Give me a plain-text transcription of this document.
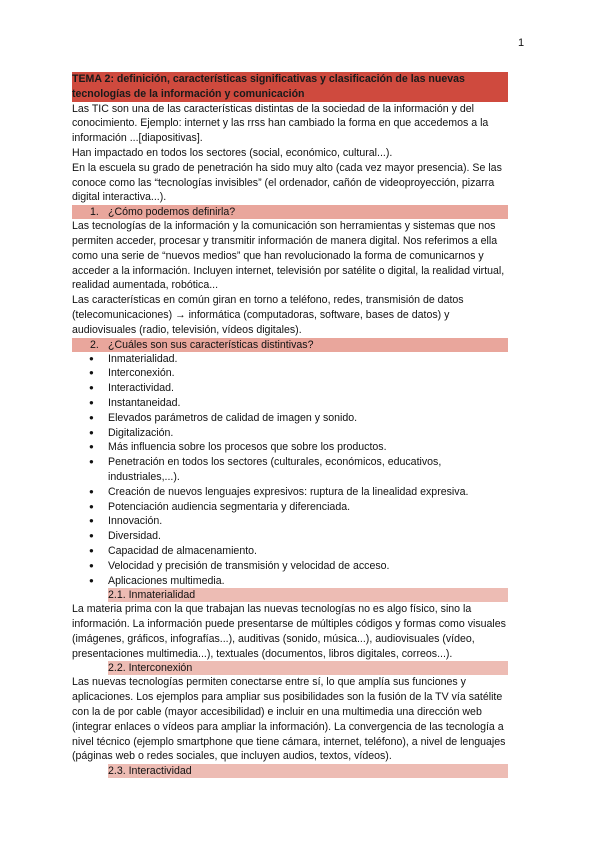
1

TEMA 2: definición, características significativas y clasificación de las nuevas tecnologías de la información y comunicación

Las TIC son una de las características distintas de la sociedad de la información y del conocimiento. Ejemplo: internet y las rrss han cambiado la forma en que accedemos a la información ...[diapositivas].

Han impactado en todos los sectores (social, económico, cultural...).

En la escuela su grado de penetración ha sido muy alto (cada vez mayor presencia). Se las conoce como las “tecnologías invisibles” (el ordenador, cañón de videoproyección, pizarra digital interactiva...).

1. ¿Cómo podemos definirla?

Las tecnologías de la información y la comunicación son herramientas y sistemas que nos permiten acceder, procesar y transmitir información de manera digital. Nos referimos a ella como una serie de “nuevos medios” que han revolucionado la forma de comunicarnos y acceder a la información. Incluyen internet, televisión por satélite o digital, la realidad virtual, realidad aumentada, robótica...

Las características en común giran en torno a teléfono, redes, transmisión de datos (telecomunicaciones) → informática (computadoras, software, bases de datos) y audiovisuales (radio, televisión, vídeos digitales).

2. ¿Cuáles son sus características distintivas?

● Inmaterialidad.
● Interconexión.
● Interactividad.
● Instantaneidad.
● Elevados parámetros de calidad de imagen y sonido.
● Digitalización.
● Más influencia sobre los procesos que sobre los productos.
● Penetración en todos los sectores (culturales, económicos, educativos, industriales,...).
● Creación de nuevos lenguajes expresivos: ruptura de la linealidad expresiva.
● Potenciación audiencia segmentaria y diferenciada.
● Innovación.
● Diversidad.
● Capacidad de almacenamiento.
● Velocidad y precisión de transmisión y velocidad de acceso.
● Aplicaciones multimedia.

2.1. Inmaterialidad

La materia prima con la que trabajan las nuevas tecnologías no es algo físico, sino la información. La información puede presentarse de múltiples códigos y formas como visuales (imágenes, gráficos, infografías...), auditivas (sonido, música...), audiovisuales (vídeo, presentaciones multimedia...), textuales (documentos, libros digitales, correos...).

2.2. Interconexión

Las nuevas tecnologías permiten conectarse entre sí, lo que amplía sus funciones y aplicaciones. Los ejemplos para ampliar sus posibilidades son la fusión de la TV vía satélite con la de por cable (mayor accesibilidad) e incluir en una multimedia una dirección web (integrar enlaces o vídeos para ampliar la información). La convergencia de las tecnología a nivel técnico (ejemplo smartphone que tiene cámara, internet, teléfono), a nivel de lenguajes (páginas web o redes sociales, que incluyen audios, textos, vídeos).

2.3. Interactividad
